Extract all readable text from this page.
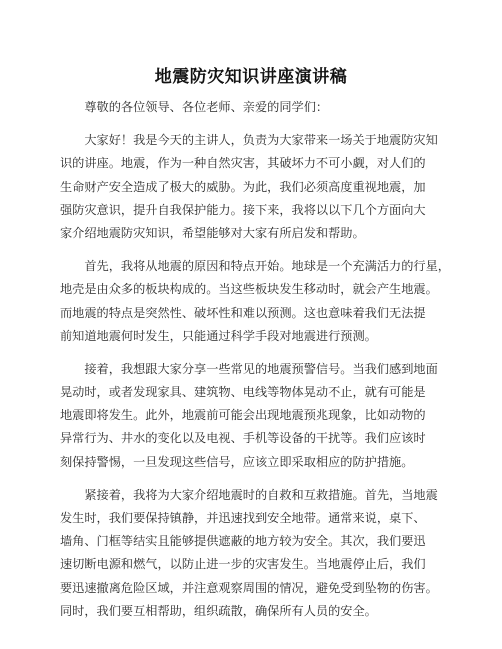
地震防灾知识讲座演讲稿
　　尊敬的各位领导、各位老师、亲爱的同学们：
　　大家好！我是今天的主讲人，负责为大家带来一场关于地震防灾知
识的讲座。地震，作为一种自然灾害，其破坏力不可小觑，对人们的
生命财产安全造成了极大的威胁。为此，我们必须高度重视地震，加
强防灾意识，提升自我保护能力。接下来，我将以以下几个方面向大
家介绍地震防灾知识，希望能够对大家有所启发和帮助。
　　首先，我将从地震的原因和特点开始。地球是一个充满活力的行星，
地壳是由众多的板块构成的。当这些板块发生移动时，就会产生地震。
而地震的特点是突然性、破坏性和难以预测。这也意味着我们无法提
前知道地震何时发生，只能通过科学手段对地震进行预测。
　　接着，我想跟大家分享一些常见的地震预警信号。当我们感到地面
晃动时，或者发现家具、建筑物、电线等物体晃动不止，就有可能是
地震即将发生。此外，地震前可能会出现地震预兆现象，比如动物的
异常行为、井水的变化以及电视、手机等设备的干扰等。我们应该时
刻保持警惕，一旦发现这些信号，应该立即采取相应的防护措施。
　　紧接着，我将为大家介绍地震时的自救和互救措施。首先，当地震
发生时，我们要保持镇静，并迅速找到安全地带。通常来说，桌下、
墙角、门框等结实且能够提供遮蔽的地方较为安全。其次，我们要迅
速切断电源和燃气，以防止进一步的灾害发生。当地震停止后，我们
要迅速撤离危险区域，并注意观察周围的情况，避免受到坠物的伤害。
同时，我们要互相帮助，组织疏散，确保所有人员的安全。
